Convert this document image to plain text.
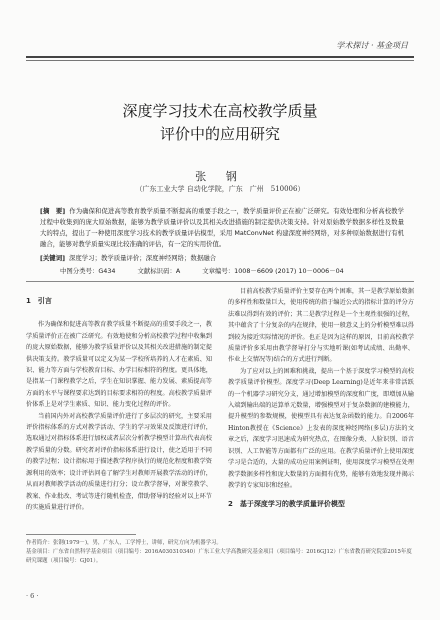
学术探讨 · 基金项目
深度学习技术在高校教学质量
评价中的应用研究
张 钢
（广东工业大学 自动化学院，广东　广州　510006）
[摘　要] 作为确保和促进高等教育教学质量不断提高的重要手段之一，教学质量评价正在被广泛研究。有效处理和分析高校教学过程中收集到的庞大原始数据，能够为教学质量评价以及其相关改进措施的制定提供决策支持。针对原始教学数据多样性及数量大的特点，提出了一种使用深度学习技术的教学质量评估模型，采用 MatConvNet 构建深度神经网络，对多种原始数据进行有机融合，能够对教学质量实现比较准确的评估，有一定的实用价值。
[关键词] 深度学习；教学质量评价；深度神经网络；数据融合
中图分类号：G434	文献标识码：A	文章编号：1008－6609 (2017) 10－0006－04
1　引言

作为确保和促进高等教育教学质量不断提高的重要手段之一，教学质量评价正在被广泛研究。有效地使和分析高校教学过程中收集到的庞大原始数据，能够为教学质量评价以及其相关改进措施的制定提供决策支持。教学质量可以定义为某一学校所培养的人才在素质、知识、能力等方面与学校教育目标、办学目标相符的程度。更具体地，是指某一门课程教学之后，学生在知识掌握、能力发展、素质提高等方面的水平与课程要求达到的目标要求相符的程度。高校教学质量评价体系上是对学生素质、知识、能力变化过程的评价。

当前国内外对高校教学质量评价进行了多层次的研究，主要采用评价指标体系的方式对教学活动、学生的学习效果及反馈进行评价，选取通过对指标体系进行加权或者层次分析教学模型计算出代表高校教学质量的分数。研究者对评价指标体系进行设计，使之适用于不同的教学过程；设计指标用于描述教学程序执行的规范化程度和教学资源利用的效率；设计评估问卷了解学生对教师开展教学活动的评价，从而对教师教学活动的质量进行打分；设立教学督导，对课堂教学、教案、作业批改、考试等进行随机检查，借助督导的经验对以上环节的实施质量进行评价。

目前高校教学质量评价主要存在两个困难，其一是教学原始数据的多样性和数量巨大，使用传统的指于编近公式的指标计算的评分方法难以得到有效的评价；其二是教学过程是一个主观性很强的过程，其中蕴含了十分复杂的内在规律，使用一般意义上的分析模型难以得到较为接近实际情况的评价。也正是因为这样的原因，目前高校教学质量评价多采用由教学督导打分与实地听课(如考试成绩、出勤率、作业上交情况等)结合的方式进行判断。

为了应对以上的困难和挑战，提出一个基于深度学习模型的高校教学质量评价模型。深度学习(Deep Learning)是近年来非常活跃的一个机器学习研究分支，通过增加模型的深度和广度，即增加从输入端到输出端的运算单元数量，增强模型对于复杂数据的建模能力，提升模型的参数规模，使模型具有表达复杂函数的能力。自2006年Hinton教授在《Science》上发表的深度神经网络(多层)方法的文章之后，深度学习迅速成为研究热点，在图像分类、人脸识别、语音识别、人工智能等方面都有广泛的应用。在教学质量评价上使用深度学习是合适的，大量的成功应用案例证明，使用深度学习模型在处理教学数据多样性和庞大数量的方面拥有优势，能够有效地发现并揭示教学的专家知识和经验。

2　基于深度学习的教学质量评价模型
作者简介：张钢(1979－)，男，广东人，工学博士，讲师，研究方向为机器学习。
基金项目：广东省自然科学基金项目（项目编号：2016A030310340）广东工业大学高教研究基金项目（项目编号：2016GJ12）广东省教育研究院第2015年度研究课题（项目编号：GJ01）。
· 6 ·
